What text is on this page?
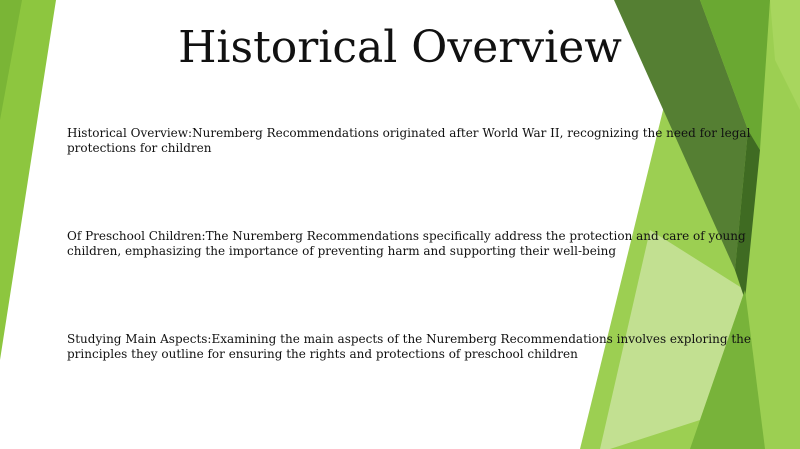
Historical Overview

Historical Overview:Nuremberg Recommendations originated after World War II, recognizing the need for legal protections for children

Of Preschool Children:The Nuremberg Recommendations specifically address the protection and care of young children, emphasizing the importance of preventing harm and supporting their well-being

Studying Main Aspects:Examining the main aspects of the Nuremberg Recommendations involves exploring the principles they outline for ensuring the rights and protections of preschool children
